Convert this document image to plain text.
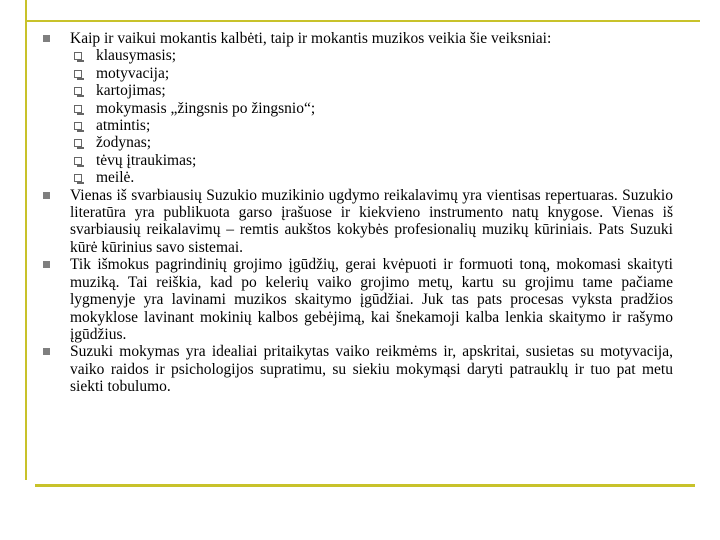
Kaip ir vaikui mokantis kalbėti, taip ir mokantis muzikos veikia šie veiksniai:
klausymasis;
motyvacija;
kartojimas;
mokymasis „žingsnis po žingsnio“;
atmintis;
žodynas;
tėvų įtraukimas;
meilė.
Vienas iš svarbiausių Suzukio muzikinio ugdymo reikalavimų yra vientisas repertuaras. Suzukio literatūra yra publikuota garso įrašuose ir kiekvieno instrumento natų knygose. Vienas iš svarbiausių reikalavimų – remtis aukštos kokybės profesionalių muzikų kūriniais. Pats Suzuki kūrė kūrinius savo sistemai.
Tik išmokus pagrindinių grojimo įgūdžių, gerai kvėpuoti ir formuoti toną, mokomasi skaityti muziką. Tai reiškia, kad po kelerių vaiko grojimo metų, kartu su grojimu tame pačiame lygmenyje yra lavinami muzikos skaitymo įgūdžiai. Juk tas pats procesas vyksta pradžios mokyklose lavinant mokinių kalbos gebėjimą, kai šnekamoji kalba lenkia skaitymo ir rašymo įgūdžius.
Suzuki mokymas yra idealiai pritaikytas vaiko reikmėms ir, apskritai, susietas su motyvacija, vaiko raidos ir psichologijos supratimu, su siekiu mokymąsi daryti patrauklų ir tuo pat metu siekti tobulumo.
